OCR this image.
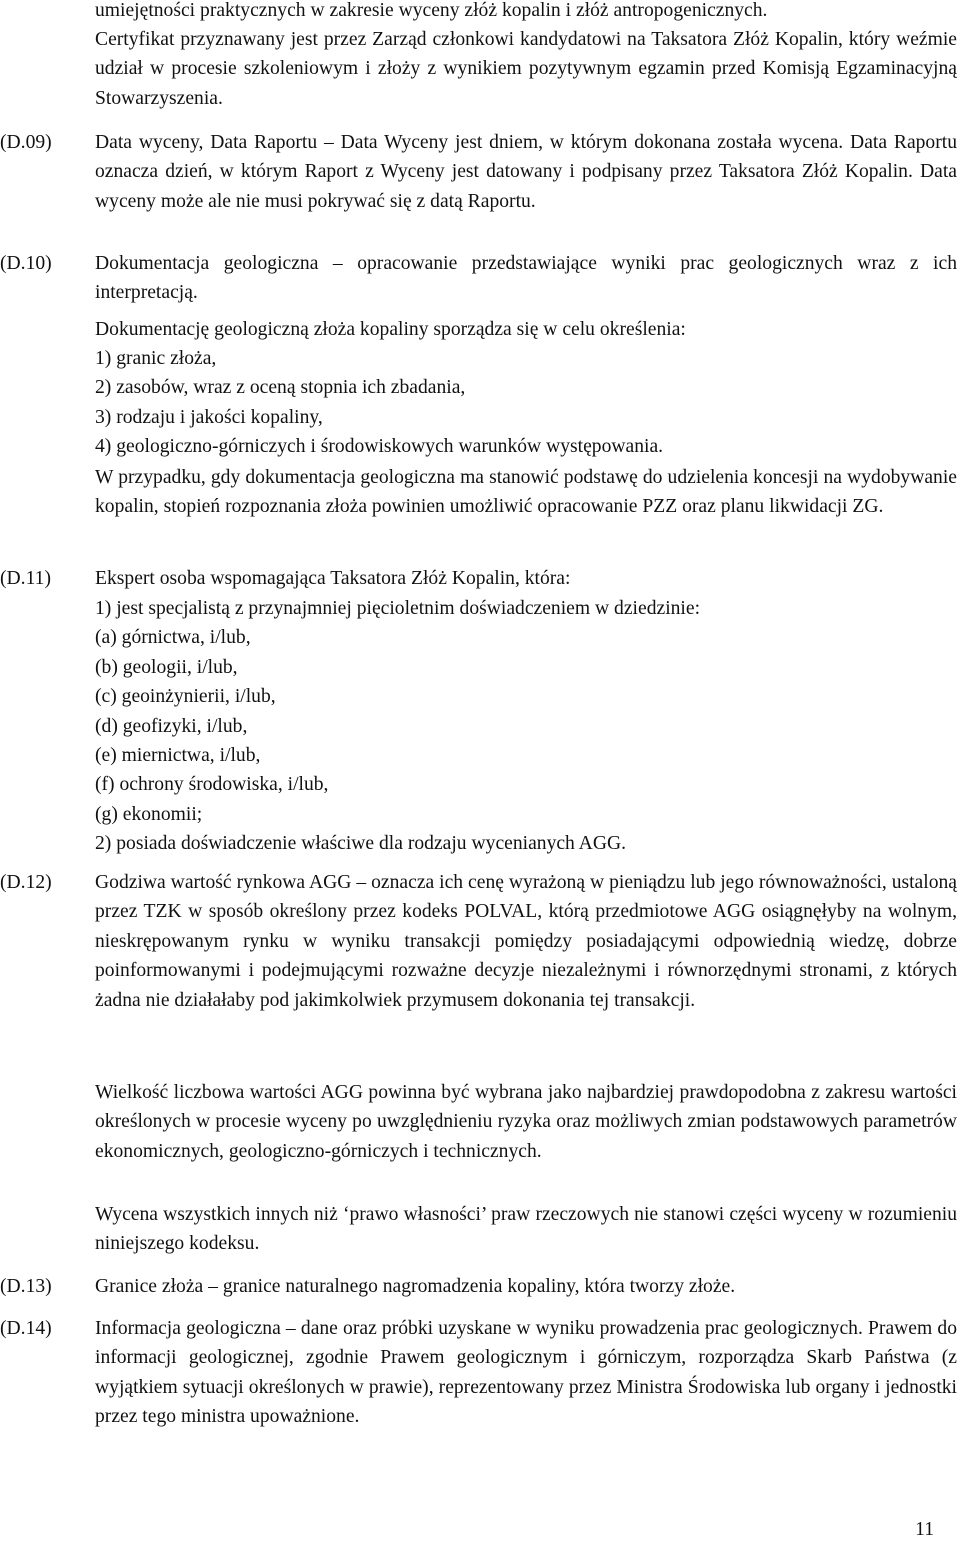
umiejętności praktycznych w zakresie wyceny złóż kopalin i złóż antropogenicznych.

Certyfikat przyznawany jest przez Zarząd członkowi kandydatowi na Taksatora Złóż Kopalin, który weźmie udział w procesie szkoleniowym i złoży z wynikiem pozytywnym egzamin przed Komisją Egzaminacyjną Stowarzyszenia.

(D.09) Data wyceny, Data Raportu – Data Wyceny jest dniem, w którym dokonana została wycena. Data Raportu oznacza dzień, w którym Raport z Wyceny jest datowany i podpisany przez Taksatora Złóż Kopalin. Data wyceny może ale nie musi pokrywać się z datą Raportu.

(D.10) Dokumentacja geologiczna – opracowanie przedstawiające wyniki prac geologicznych wraz z ich interpretacją.

Dokumentację geologiczną złoża kopaliny sporządza się w celu określenia:

1) granic złoża,
2) zasobów, wraz z oceną stopnia ich zbadania,
3) rodzaju i jakości kopaliny,
4) geologiczno-górniczych i środowiskowych warunków występowania.

W przypadku, gdy dokumentacja geologiczna ma stanowić podstawę do udzielenia koncesji na wydobywanie kopalin, stopień rozpoznania złoża powinien umożliwić opracowanie PZZ oraz planu likwidacji ZG.

(D.11) Ekspert osoba wspomagająca Taksatora Złóż Kopalin, która:

1) jest specjalistą z przynajmniej pięcioletnim doświadczeniem w dziedzinie:
(a) górnictwa, i/lub,
(b) geologii, i/lub,
(c) geoinżynierii, i/lub,
(d) geofizyki, i/lub,
(e) miernictwa, i/lub,
(f) ochrony środowiska, i/lub,
(g) ekonomii;
2) posiada doświadczenie właściwe dla rodzaju wycenianych AGG.

(D.12) Godziwa wartość rynkowa AGG – oznacza ich cenę wyrażoną w pieniądzu lub jego równoważności, ustaloną przez TZK w sposób określony przez kodeks POLVAL, którą przedmiotowe AGG osiągnęłyby na wolnym, nieskrępowanym rynku w wyniku transakcji pomiędzy posiadającymi odpowiednią wiedzę, dobrze poinformowanymi i podejmującymi rozważne decyzje niezależnymi i równorzędnymi stronami, z których żadna nie działałaby pod jakimkolwiek przymusem dokonania tej transakcji.

Wielkość liczbowa wartości AGG powinna być wybrana jako najbardziej prawdopodobna z zakresu wartości określonych w procesie wyceny po uwzględnieniu ryzyka oraz możliwych zmian podstawowych parametrów ekonomicznych, geologiczno-górniczych i technicznych.

Wycena wszystkich innych niż ‘prawo własności’ praw rzeczowych nie stanowi części wyceny w rozumieniu niniejszego kodeksu.

(D.13) Granice złoża – granice naturalnego nagromadzenia kopaliny, która tworzy złoże.

(D.14) Informacja geologiczna – dane oraz próbki uzyskane w wyniku prowadzenia prac geologicznych. Prawem do informacji geologicznej, zgodnie Prawem geologicznym i górniczym, rozporządza Skarb Państwa (z wyjątkiem sytuacji określonych w prawie), reprezentowany przez Ministra Środowiska lub organy i jednostki przez tego ministra upoważnione.

11
